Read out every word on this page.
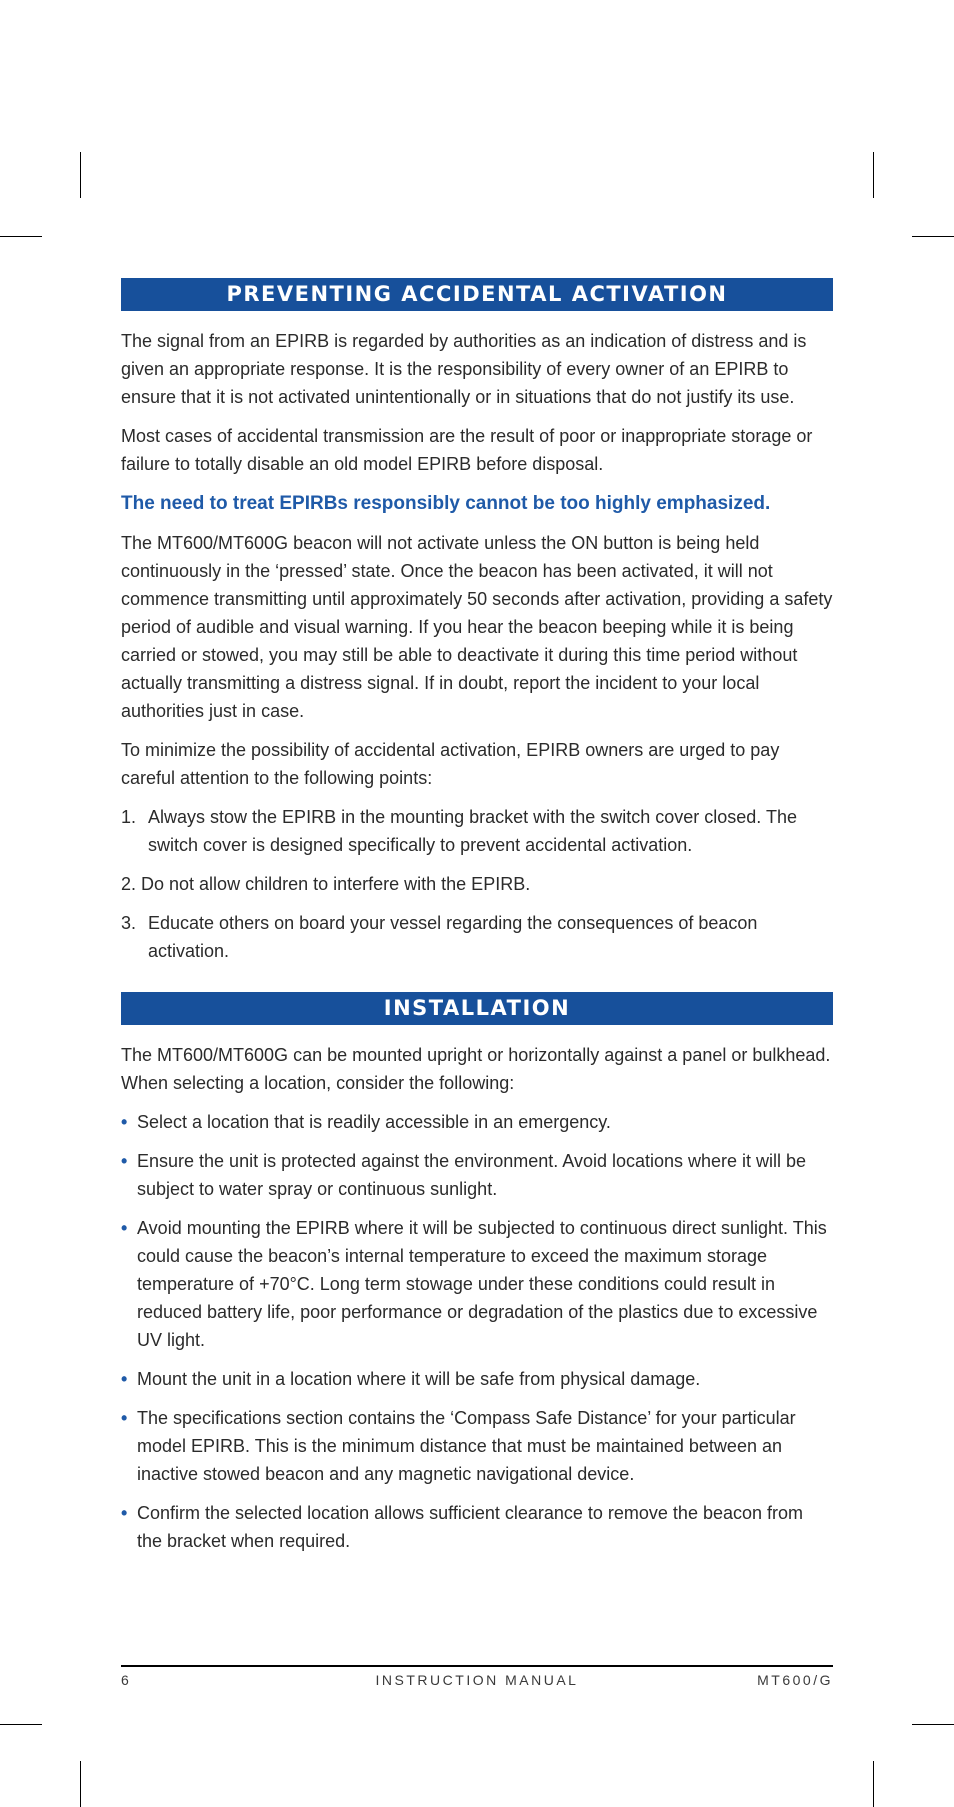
PREVENTING ACCIDENTAL ACTIVATION

The signal from an EPIRB is regarded by authorities as an indication of distress and is given an appropriate response. It is the responsibility of every owner of an EPIRB to ensure that it is not activated unintentionally or in situations that do not justify its use.

Most cases of accidental transmission are the result of poor or inappropriate storage or failure to totally disable an old model EPIRB before disposal.

The need to treat EPIRBs responsibly cannot be too highly emphasized.

The MT600/MT600G beacon will not activate unless the ON button is being held continuously in the ‘pressed’ state. Once the beacon has been activated, it will not commence transmitting until approximately 50 seconds after activation, providing a safety period of audible and visual warning. If you hear the beacon beeping while it is being carried or stowed, you may still be able to deactivate it during this time period without actually transmitting a distress signal. If in doubt, report the incident to your local authorities just in case.

To minimize the possibility of accidental activation, EPIRB owners are urged to pay careful attention to the following points:

1. Always stow the EPIRB in the mounting bracket with the switch cover closed. The switch cover is designed specifically to prevent accidental activation.
2. Do not allow children to interfere with the EPIRB.
3. Educate others on board your vessel regarding the consequences of beacon activation.
INSTALLATION

The MT600/MT600G can be mounted upright or horizontally against a panel or bulkhead. When selecting a location, consider the following:

• Select a location that is readily accessible in an emergency.
• Ensure the unit is protected against the environment. Avoid locations where it will be subject to water spray or continuous sunlight.
• Avoid mounting the EPIRB where it will be subjected to continuous direct sunlight. This could cause the beacon’s internal temperature to exceed the maximum storage temperature of +70°C. Long term stowage under these conditions could result in reduced battery life, poor performance or degradation of the plastics due to excessive UV light.
• Mount the unit in a location where it will be safe from physical damage.
• The specifications section contains the ‘Compass Safe Distance’ for your particular model EPIRB. This is the minimum distance that must be maintained between an inactive stowed beacon and any magnetic navigational device.
• Confirm the selected location allows sufficient clearance to remove the beacon from the bracket when required.
6	INSTRUCTION MANUAL	MT600/G
